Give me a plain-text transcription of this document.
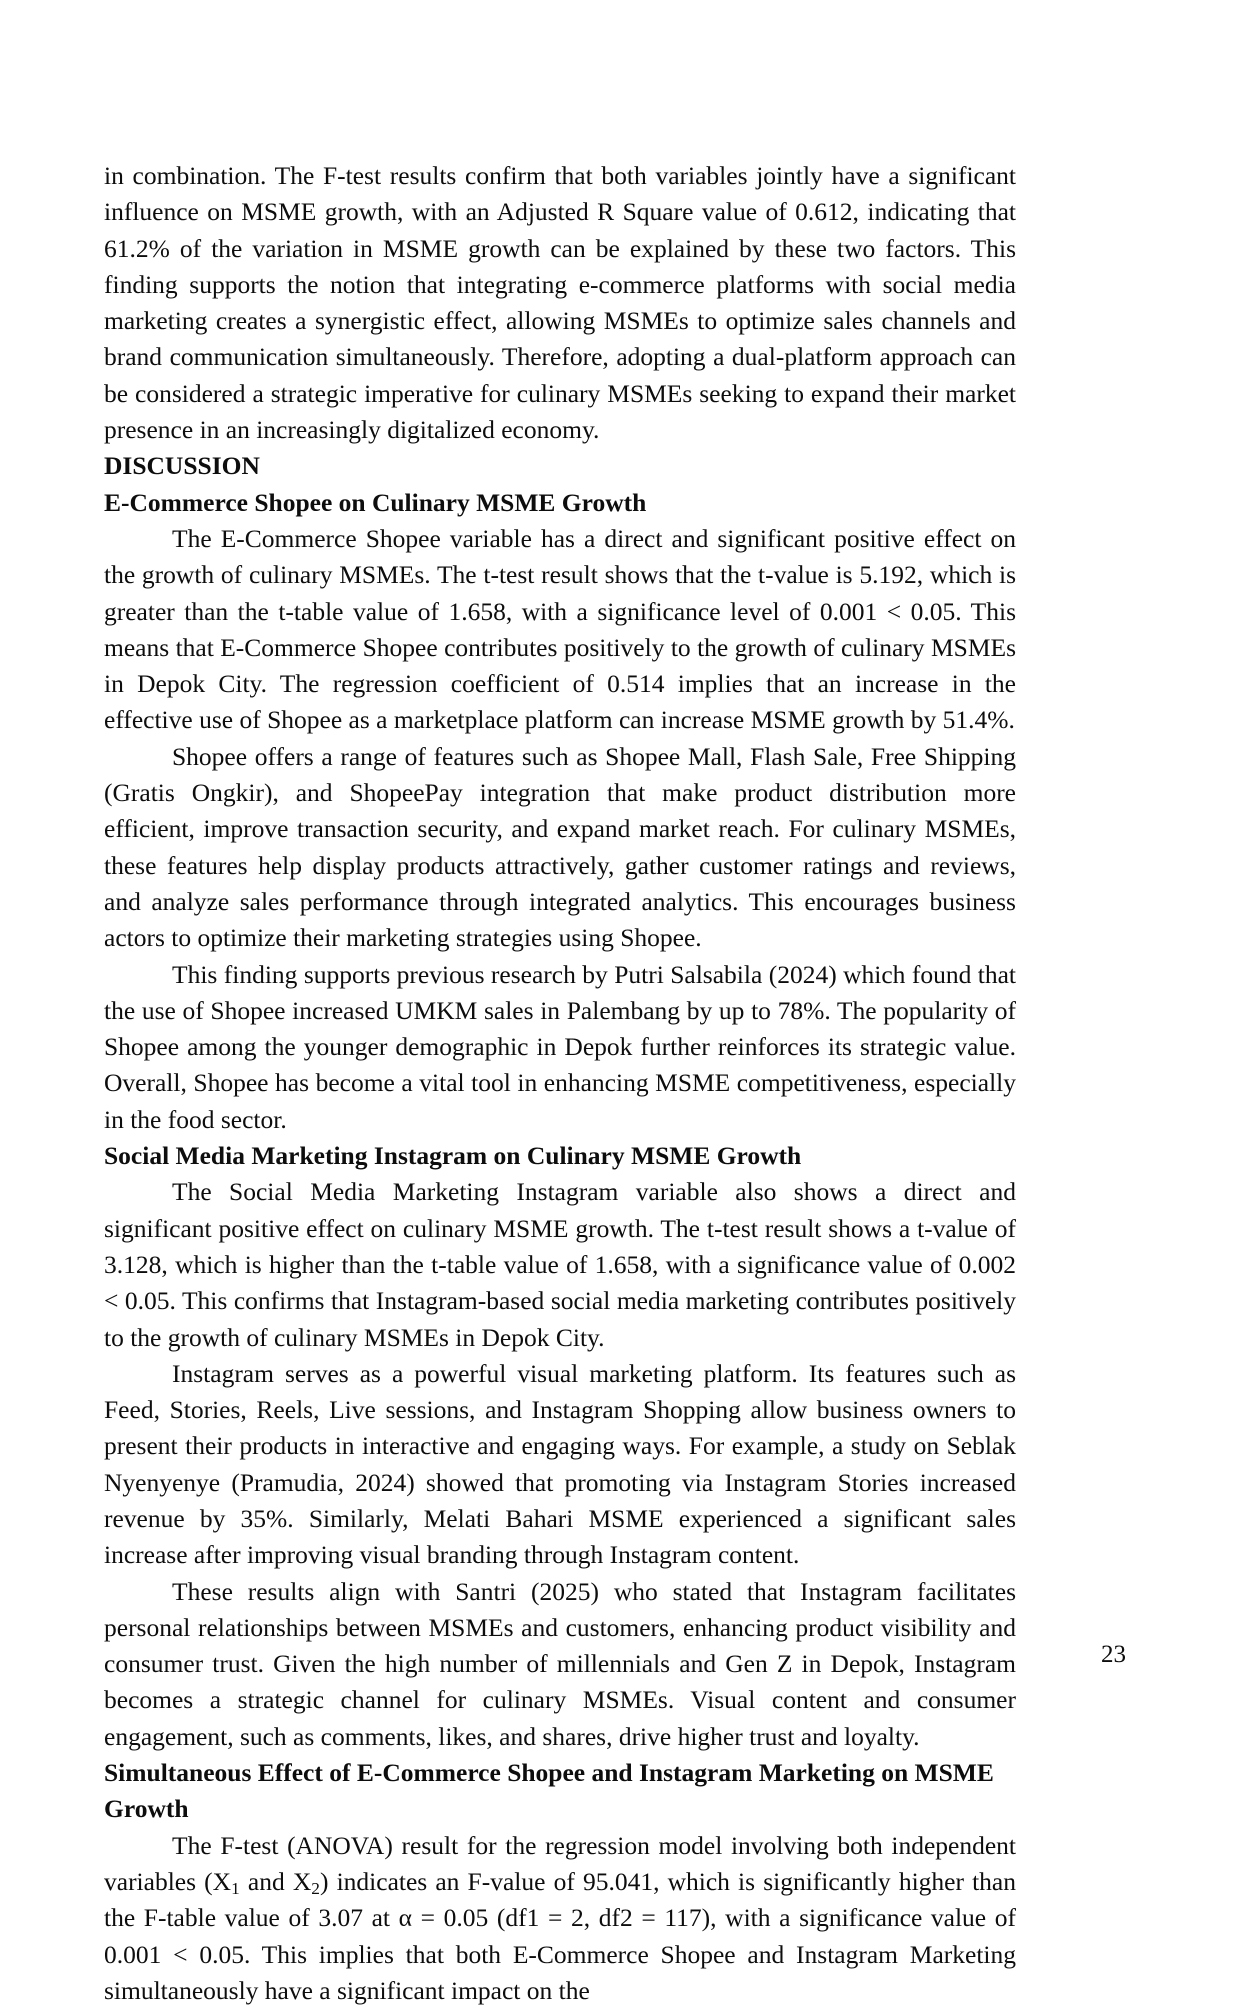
in combination. The F-test results confirm that both variables jointly have a significant influence on MSME growth, with an Adjusted R Square value of 0.612, indicating that 61.2% of the variation in MSME growth can be explained by these two factors. This finding supports the notion that integrating e-commerce platforms with social media marketing creates a synergistic effect, allowing MSMEs to optimize sales channels and brand communication simultaneously. Therefore, adopting a dual-platform approach can be considered a strategic imperative for culinary MSMEs seeking to expand their market presence in an increasingly digitalized economy.

DISCUSSION
E-Commerce Shopee on Culinary MSME Growth

The E-Commerce Shopee variable has a direct and significant positive effect on the growth of culinary MSMEs. The t-test result shows that the t-value is 5.192, which is greater than the t-table value of 1.658, with a significance level of 0.001 < 0.05. This means that E-Commerce Shopee contributes positively to the growth of culinary MSMEs in Depok City. The regression coefficient of 0.514 implies that an increase in the effective use of Shopee as a marketplace platform can increase MSME growth by 51.4%.

Shopee offers a range of features such as Shopee Mall, Flash Sale, Free Shipping (Gratis Ongkir), and ShopeePay integration that make product distribution more efficient, improve transaction security, and expand market reach. For culinary MSMEs, these features help display products attractively, gather customer ratings and reviews, and analyze sales performance through integrated analytics. This encourages business actors to optimize their marketing strategies using Shopee.

This finding supports previous research by Putri Salsabila (2024) which found that the use of Shopee increased UMKM sales in Palembang by up to 78%. The popularity of Shopee among the younger demographic in Depok further reinforces its strategic value. Overall, Shopee has become a vital tool in enhancing MSME competitiveness, especially in the food sector.

Social Media Marketing Instagram on Culinary MSME Growth

The Social Media Marketing Instagram variable also shows a direct and significant positive effect on culinary MSME growth. The t-test result shows a t-value of 3.128, which is higher than the t-table value of 1.658, with a significance value of 0.002 < 0.05. This confirms that Instagram-based social media marketing contributes positively to the growth of culinary MSMEs in Depok City.

Instagram serves as a powerful visual marketing platform. Its features such as Feed, Stories, Reels, Live sessions, and Instagram Shopping allow business owners to present their products in interactive and engaging ways. For example, a study on Seblak Nyenyenye (Pramudia, 2024) showed that promoting via Instagram Stories increased revenue by 35%. Similarly, Melati Bahari MSME experienced a significant sales increase after improving visual branding through Instagram content.

These results align with Santri (2025) who stated that Instagram facilitates personal relationships between MSMEs and customers, enhancing product visibility and consumer trust. Given the high number of millennials and Gen Z in Depok, Instagram becomes a strategic channel for culinary MSMEs. Visual content and consumer engagement, such as comments, likes, and shares, drive higher trust and loyalty.

Simultaneous Effect of E-Commerce Shopee and Instagram Marketing on MSME Growth

The F-test (ANOVA) result for the regression model involving both independent variables ($X_1$ and $X_2$) indicates an F-value of 95.041, which is significantly higher than the F-table value of 3.07 at α = 0.05 (df1 = 2, df2 = 117), with a significance value of 0.001 < 0.05. This implies that both E-Commerce Shopee and Instagram Marketing simultaneously have a significant impact on the

23
